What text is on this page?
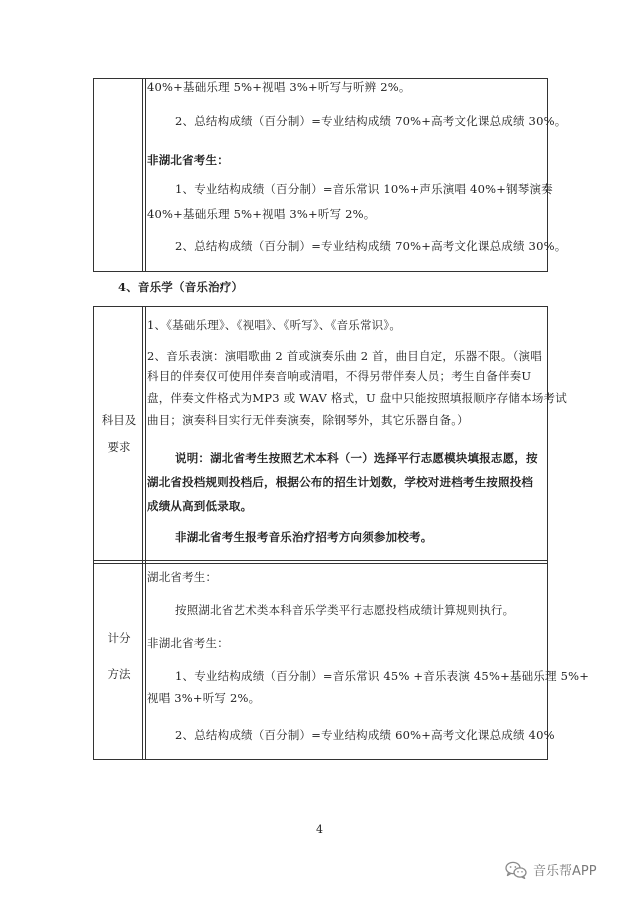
40%+基础乐理 5%+视唱 3%+听写与听辨 2%。
2、总结构成绩（百分制）=专业结构成绩 70%+高考文化课总成绩 30%。
非湖北省考生：
1、专业结构成绩（百分制）=音乐常识 10%+声乐演唱 40%+钢琴演奏
40%+基础乐理 5%+视唱 3%+听写 2%。
2、总结构成绩（百分制）=专业结构成绩 70%+高考文化课总成绩 30%。
4、音乐学（音乐治疗）
科目及
要求
1、《基础乐理》、《视唱》、《听写》、《音乐常识》。
2、音乐表演：演唱歌曲 2 首或演奏乐曲 2 首，曲目自定，乐器不限。（演唱
科目的伴奏仅可使用伴奏音响或清唱，不得另带伴奏人员；考生自备伴奏U
盘，伴奏文件格式为MP3 或 WAV 格式，U 盘中只能按照填报顺序存储本场考试
曲目；演奏科目实行无伴奏演奏，除钢琴外，其它乐器自备。）
说明：湖北省考生按照艺术本科（一）选择平行志愿模块填报志愿，按
湖北省投档规则投档后，根据公布的招生计划数，学校对进档考生按照投档
成绩从高到低录取。
非湖北省考生报考音乐治疗招考方向须参加校考。
计分
方法
湖北省考生：
按照湖北省艺术类本科音乐学类平行志愿投档成绩计算规则执行。
非湖北省考生：
1、专业结构成绩（百分制）=音乐常识 45% +音乐表演 45%+基础乐理 5%+
视唱 3%+听写 2%。
2、总结构成绩（百分制）=专业结构成绩 60%+高考文化课总成绩 40%
4
音乐帮APP
